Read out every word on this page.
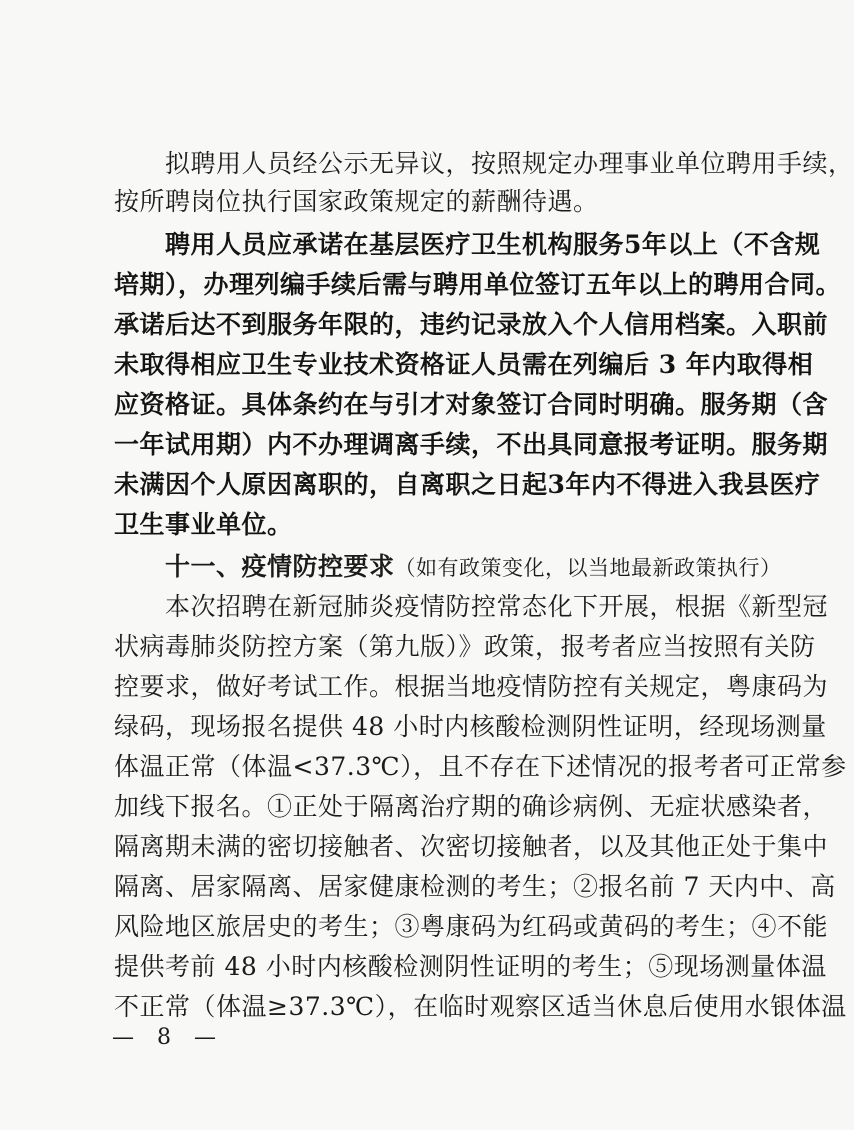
　　拟聘用人员经公示无异议，按照规定办理事业单位聘用手续，
按所聘岗位执行国家政策规定的薪酬待遇。
　　聘用人员应承诺在基层医疗卫生机构服务5年以上（不含规
培期），办理列编手续后需与聘用单位签订五年以上的聘用合同。
承诺后达不到服务年限的，违约记录放入个人信用档案。入职前
未取得相应卫生专业技术资格证人员需在列编后 3 年内取得相
应资格证。具体条约在与引才对象签订合同时明确。服务期（含
一年试用期）内不办理调离手续，不出具同意报考证明。服务期
未满因个人原因离职的，自离职之日起3年内不得进入我县医疗
卫生事业单位。
　　十一、疫情防控要求（如有政策变化，以当地最新政策执行）
　　本次招聘在新冠肺炎疫情防控常态化下开展，根据《新型冠
状病毒肺炎防控方案（第九版）》政策，报考者应当按照有关防
控要求，做好考试工作。根据当地疫情防控有关规定，粤康码为
绿码，现场报名提供 48 小时内核酸检测阴性证明，经现场测量
体温正常（体温<37.3℃），且不存在下述情况的报考者可正常参
加线下报名。①正处于隔离治疗期的确诊病例、无症状感染者，
隔离期未满的密切接触者、次密切接触者，以及其他正处于集中
隔离、居家隔离、居家健康检测的考生；②报名前 7 天内中、高
风险地区旅居史的考生；③粤康码为红码或黄码的考生；④不能
提供考前 48 小时内核酸检测阴性证明的考生；⑤现场测量体温
不正常（体温≥37.3℃），在临时观察区适当休息后使用水银体温
— 8 —
